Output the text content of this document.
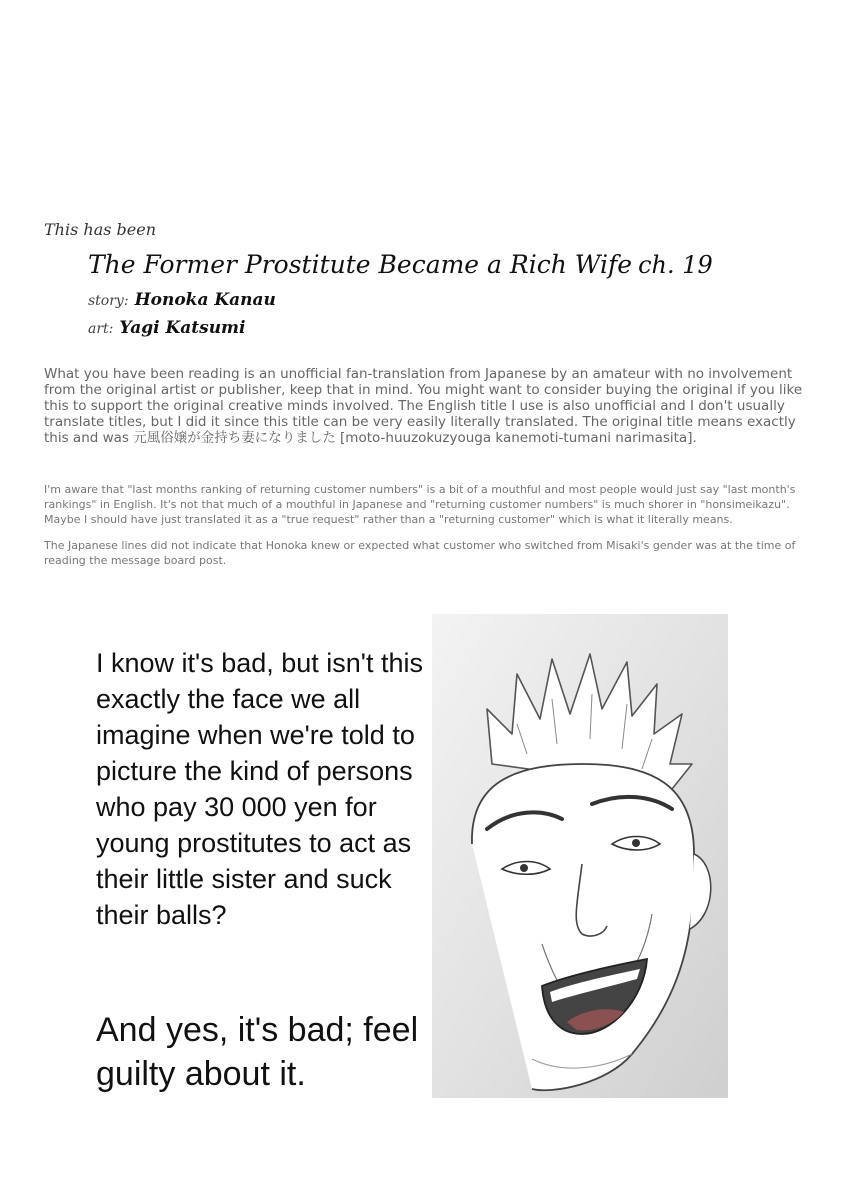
This has been
The Former Prostitute Became a Rich Wife ch. 19
story: Honoka Kanau
art: Yagi Katsumi

What you have been reading is an unofficial fan-translation from Japanese by an amateur with no involvement from the original artist or publisher, keep that in mind. You might want to consider buying the original if you like this to support the original creative minds involved. The English title I use is also unofficial and I don't usually translate titles, but I did it since this title can be very easily literally translated. The original title means exactly this and was 元風俗嬢が金持ち妻になりました [moto-huuzokuzyouga kanemoti-tumani narimasita].

I'm aware that "last months ranking of returning customer numbers" is a bit of a mouthful and most people would just say "last month's rankings" in English. It's not that much of a mouthful in Japanese and "returning customer numbers" is much shorer in "honsimeikazu". Maybe I should have just translated it as a "true request" rather than a "returning customer" which is what it literally means.

The Japanese lines did not indicate that Honoka knew or expected what customer who switched from Misaki's gender was at the time of reading the message board post.

I know it's bad, but isn't this exactly the face we all imagine when we're told to picture the kind of persons who pay 30 000 yen for young prostitutes to act as their little sister and suck their balls?

And yes, it's bad; feel guilty about it.
